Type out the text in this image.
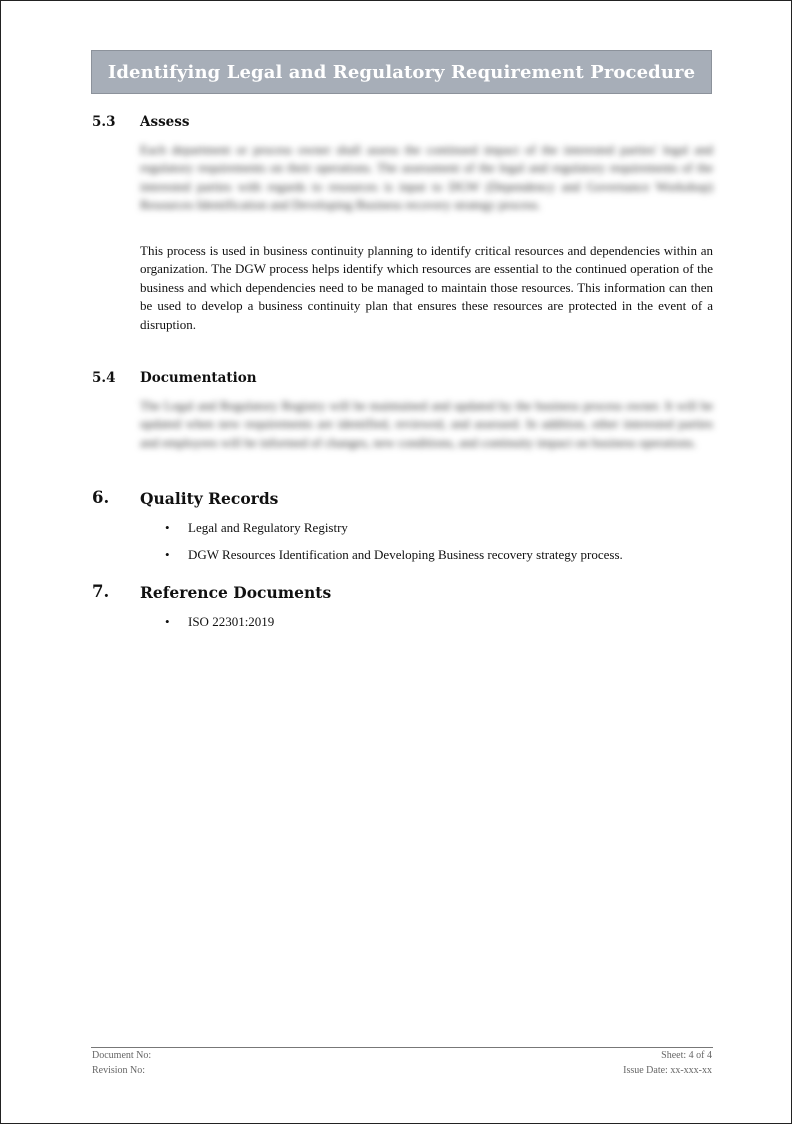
Identifying Legal and Regulatory Requirement Procedure
5.3 Assess
Each department or process owner shall assess the continued impact of the interested parties' legal and regulatory requirements on their operations. The assessment of the legal and regulatory requirements of the interested parties with regards to resources is input to DGW (Dependency and Governance Workshop) Resources Identification and Developing Business recovery strategy process.
This process is used in business continuity planning to identify critical resources and dependencies within an organization. The DGW process helps identify which resources are essential to the continued operation of the business and which dependencies need to be managed to maintain those resources. This information can then be used to develop a business continuity plan that ensures these resources are protected in the event of a disruption.
5.4 Documentation
The Legal and Regulatory Registry will be maintained and updated by the business process owner. It will be updated when new requirements are identified, reviewed, and assessed. In addition, other interested parties and employees will be informed of changes, new conditions, and continuity impact on business operations.
6. Quality Records
• Legal and Regulatory Registry
• DGW Resources Identification and Developing Business recovery strategy process.
7. Reference Documents
• ISO 22301:2019
Document No:
Revision No:
Sheet: 4 of 4
Issue Date: xx-xxx-xx
